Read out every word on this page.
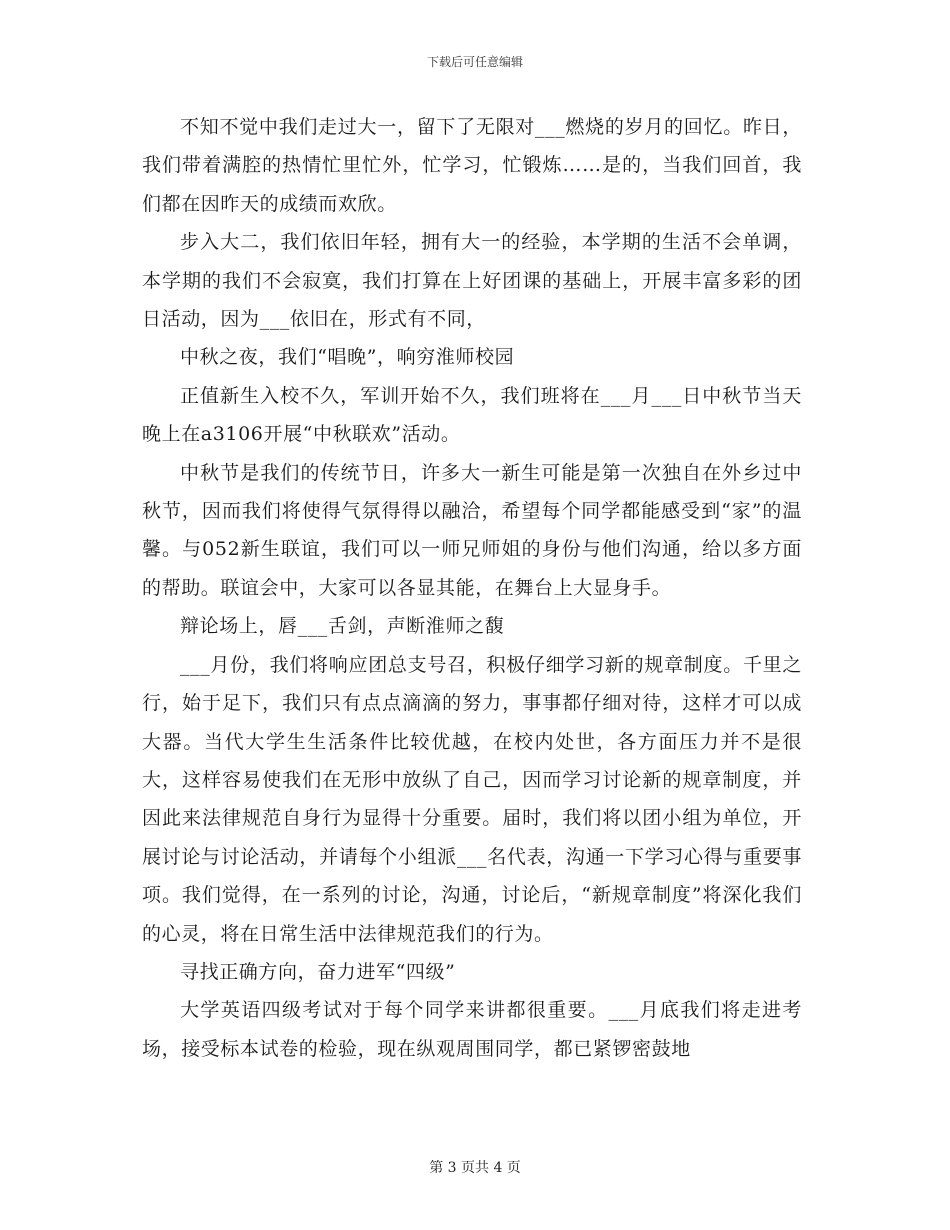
下载后可任意编辑

不知不觉中我们走过大一，留下了无限对___燃烧的岁月的回忆。昨日，我们带着满腔的热情忙里忙外，忙学习，忙锻炼……是的，当我们回首，我们都在因昨天的成绩而欢欣。

步入大二，我们依旧年轻，拥有大一的经验，本学期的生活不会单调，本学期的我们不会寂寞，我们打算在上好团课的基础上，开展丰富多彩的团日活动，因为___依旧在，形式有不同，

中秋之夜，我们“唱晚”，响穷淮师校园

正值新生入校不久，军训开始不久，我们班将在___月___日中秋节当天晚上在a3106开展“中秋联欢”活动。

中秋节是我们的传统节日，许多大一新生可能是第一次独自在外乡过中秋节，因而我们将使得气氛得得以融洽，希望每个同学都能感受到“家”的温馨。与052新生联谊，我们可以一师兄师姐的身份与他们沟通，给以多方面的帮助。联谊会中，大家可以各显其能，在舞台上大显身手。

辩论场上，唇___舌剑，声断淮师之馥

___月份，我们将响应团总支号召，积极仔细学习新的规章制度。千里之行，始于足下，我们只有点点滴滴的努力，事事都仔细对待，这样才可以成大器。当代大学生生活条件比较优越，在校内处世，各方面压力并不是很大，这样容易使我们在无形中放纵了自己，因而学习讨论新的规章制度，并因此来法律规范自身行为显得十分重要。届时，我们将以团小组为单位，开展讨论与讨论活动，并请每个小组派___名代表，沟通一下学习心得与重要事项。我们觉得，在一系列的讨论，沟通，讨论后，“新规章制度”将深化我们的心灵，将在日常生活中法律规范我们的行为。

寻找正确方向，奋力进军“四级”

大学英语四级考试对于每个同学来讲都很重要。___月底我们将走进考场，接受标本试卷的检验，现在纵观周围同学，都已紧锣密鼓地

第 3 页共 4 页
